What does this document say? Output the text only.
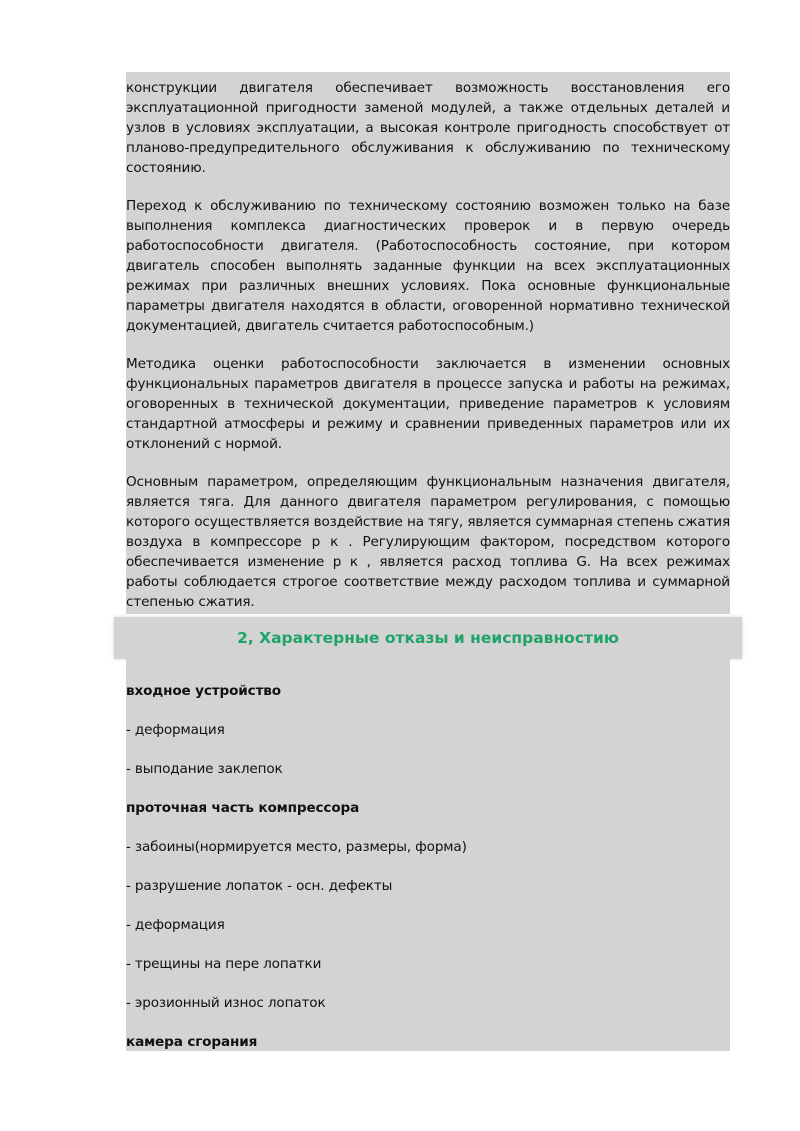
конструкции двигателя обеспечивает возможность восстановления его эксплуатационной пригодности заменой модулей, а также отдельных деталей и узлов в условиях эксплуатации, а высокая контроле пригодность способствует от планово-предупредительного обслуживания к обслуживанию по техническому состоянию.

Переход к обслуживанию по техническому состоянию возможен только на базе выполнения комплекса диагностических проверок и в первую очередь работоспособности двигателя. (Работоспособность состояние, при котором двигатель способен выполнять заданные функции на всех эксплуатационных режимах при различных внешних условиях. Пока основные функциональные параметры двигателя находятся в области, оговоренной нормативно технической документацией, двигатель считается работоспособным.)

Методика оценки работоспособности заключается в изменении основных функциональных параметров двигателя в процессе запуска и работы на режимах, оговоренных в технической документации, приведение параметров к условиям стандартной атмосферы и режиму и сравнении приведенных параметров или их отклонений с нормой.

Основным параметром, определяющим функциональным назначения двигателя, является тяга. Для данного двигателя параметром регулирования, с помощью которого осуществляется воздействие на тягу, является суммарная степень сжатия воздуха в компрессоре р к . Регулирующим фактором, посредством которого обеспечивается изменение р к , является расход топлива G. На всех режимах работы соблюдается строгое соответствие между расходом топлива и суммарной степенью сжатия.

2, Характерные отказы и неисправностию

входное устройство

- деформация

- выподание заклепок

проточная часть компрессора

- забоины(нормируется место, размеры, форма)

- разрушение лопаток - осн. дефекты

- деформация

- трещины на пере лопатки

- эрозионный износ лопаток

камера сгорания
